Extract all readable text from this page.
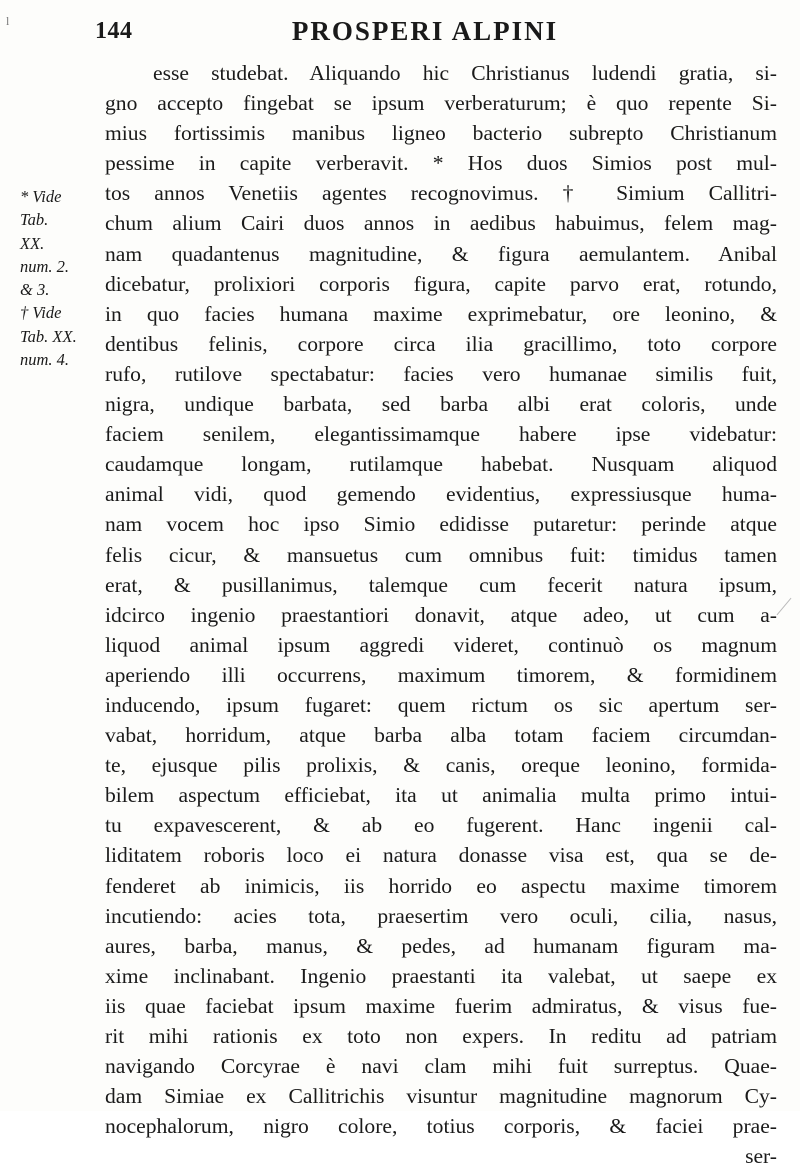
l	144	PROSPERI ALPINI
* Vide
Tab.
XX.
num. 2.
& 3.
† Vide
Tab. XX.
num. 4.
esse studebat. Aliquando hic Christianus ludendi gratia, si-
gno accepto fingebat se ipsum verberaturum; è quo repente Si-
mius fortissimis manibus ligneo bacterio subrepto Christianum
pessime in capite verberavit. * Hos duos Simios post mul-
tos annos Venetiis agentes recognovimus. † Simium Callitri-
chum alium Cairi duos annos in aedibus habuimus, felem mag-
nam quadantenus magnitudine, & figura aemulantem. Anibal
dicebatur, prolixiori corporis figura, capite parvo erat, rotundo,
in quo facies humana maxime exprimebatur, ore leonino, &
dentibus felinis, corpore circa ilia gracillimo, toto corpore
rufo, rutilove spectabatur: facies vero humanae similis fuit,
nigra, undique barbata, sed barba albi erat coloris, unde
faciem senilem, elegantissimamque habere ipse videbatur:
caudamque longam, rutilamque habebat. Nusquam aliquod
animal vidi, quod gemendo evidentius, expressiusque huma-
nam vocem hoc ipso Simio edidisse putaretur: perinde atque
felis cicur, & mansuetus cum omnibus fuit: timidus tamen
erat, & pusillanimus, talemque cum fecerit natura ipsum,
idcirco ingenio praestantiori donavit, atque adeo, ut cum a-
liquod animal ipsum aggredi videret, continuò os magnum
aperiendo illi occurrens, maximum timorem, & formidinem
inducendo, ipsum fugaret: quem rictum os sic apertum ser-
vabat, horridum, atque barba alba totam faciem circumdan-
te, ejusque pilis prolixis, & canis, oreque leonino, formida-
bilem aspectum efficiebat, ita ut animalia multa primo intui-
tu expavescerent, & ab eo fugerent. Hanc ingenii cal-
liditatem roboris loco ei natura donasse visa est, qua se de-
fenderet ab inimicis, iis horrido eo aspectu maxime timorem
incutiendo: acies tota, praesertim vero oculi, cilia, nasus,
aures, barba, manus, & pedes, ad humanam figuram ma-
xime inclinabant. Ingenio praestanti ita valebat, ut saepe ex
iis quae faciebat ipsum maxime fuerim admiratus, & visus fue-
rit mihi rationis ex toto non expers. In reditu ad patriam
navigando Corcyrae è navi clam mihi fuit surreptus. Quae-
dam Simiae ex Callitrichis visuntur magnitudine magnorum Cy-
nocephalorum, nigro colore, totius corporis, & faciei prae-
ser-
